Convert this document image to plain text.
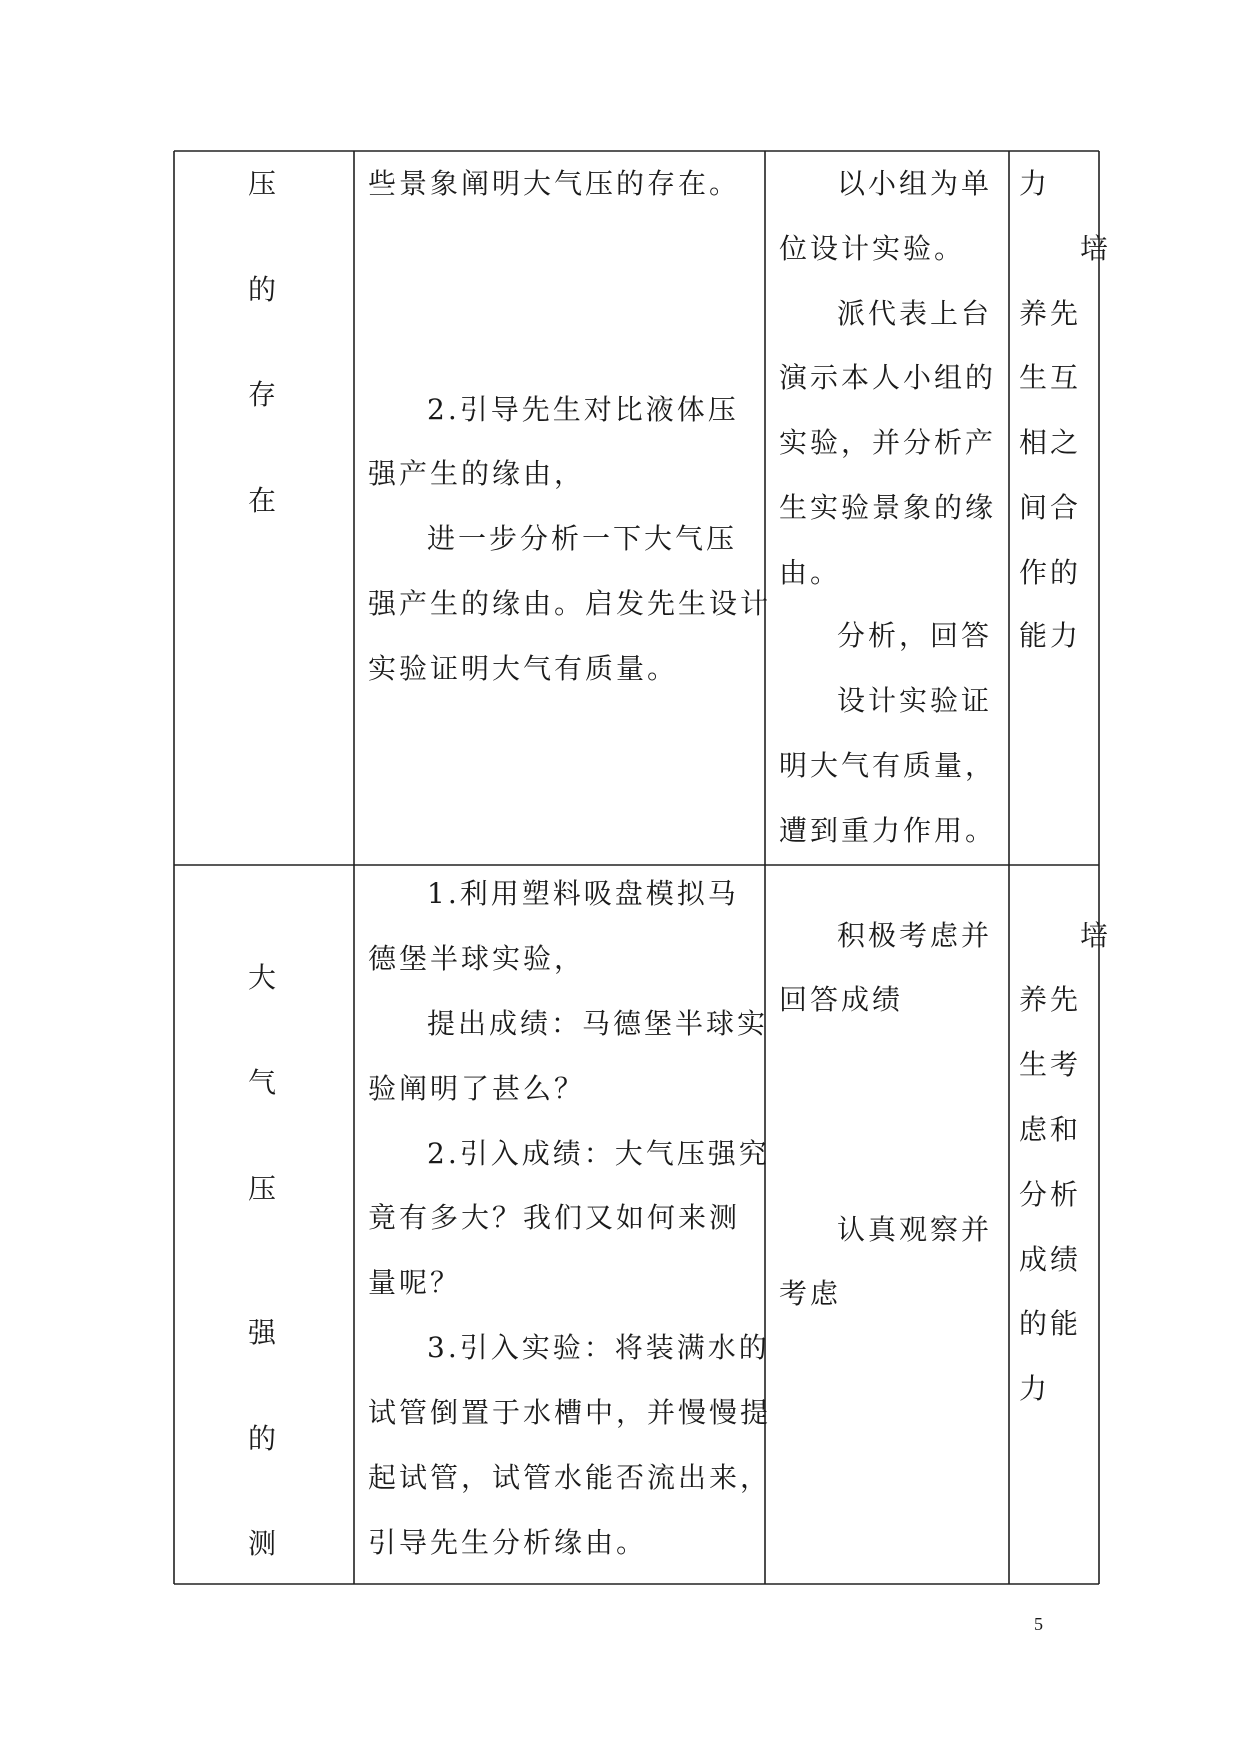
压
的
存
在
些景象阐明大气压的存在。
2.引导先生对比液体压
强产生的缘由，
进一步分析一下大气压
强产生的缘由。启发先生设计
实验证明大气有质量。
以小组为单
位设计实验。
派代表上台
演示本人小组的
实验，并分析产
生实验景象的缘
由。
分析，回答
设计实验证
明大气有质量，
遭到重力作用。
力
培
养先
生互
相之
间合
作的
能力
大
气
压
强
的
测
1.利用塑料吸盘模拟马
德堡半球实验，
提出成绩：马德堡半球实
验阐明了甚么？
2.引入成绩：大气压强究
竟有多大？我们又如何来测
量呢？
3.引入实验：将装满水的
试管倒置于水槽中，并慢慢提
起试管，试管水能否流出来，
引导先生分析缘由。
积极考虑并
回答成绩
认真观察并
考虑
培
养先
生考
虑和
分析
成绩
的能
力
5
